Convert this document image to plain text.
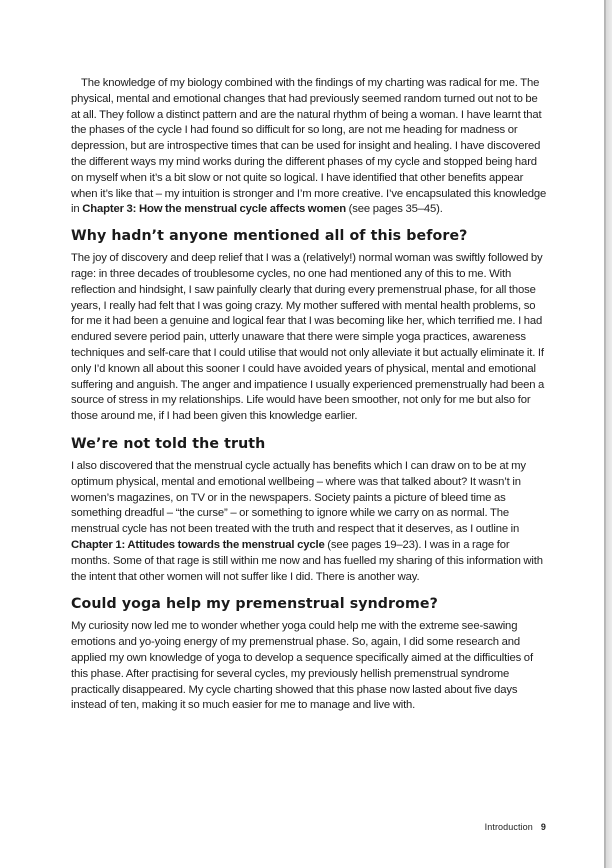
The knowledge of my biology combined with the findings of my charting was radical for me. The physical, mental and emotional changes that had previously seemed random turned out not to be at all. They follow a distinct pattern and are the natural rhythm of being a woman. I have learnt that the phases of the cycle I had found so difficult for so long, are not me heading for madness or depression, but are introspective times that can be used for insight and healing. I have discovered the different ways my mind works during the different phases of my cycle and stopped being hard on myself when it’s a bit slow or not quite so logical. I have identified that other benefits appear when it’s like that – my intuition is stronger and I’m more creative. I’ve encapsulated this knowledge in Chapter 3: How the menstrual cycle affects women (see pages 35–45).

Why hadn’t anyone mentioned all of this before?

The joy of discovery and deep relief that I was a (relatively!) normal woman was swiftly followed by rage: in three decades of troublesome cycles, no one had mentioned any of this to me. With reflection and hindsight, I saw painfully clearly that during every premenstrual phase, for all those years, I really had felt that I was going crazy. My mother suffered with mental health problems, so for me it had been a genuine and logical fear that I was becoming like her, which terrified me. I had endured severe period pain, utterly unaware that there were simple yoga practices, awareness techniques and self-care that I could utilise that would not only alleviate it but actually eliminate it. If only I’d known all about this sooner I could have avoided years of physical, mental and emotional suffering and anguish. The anger and impatience I usually experienced premenstrually had been a source of stress in my relationships. Life would have been smoother, not only for me but also for those around me, if I had been given this knowledge earlier.

We’re not told the truth

I also discovered that the menstrual cycle actually has benefits which I can draw on to be at my optimum physical, mental and emotional wellbeing – where was that talked about? It wasn’t in women’s magazines, on TV or in the newspapers. Society paints a picture of bleed time as something dreadful – “the curse” – or something to ignore while we carry on as normal. The menstrual cycle has not been treated with the truth and respect that it deserves, as I outline in Chapter 1: Attitudes towards the menstrual cycle (see pages 19–23). I was in a rage for months. Some of that rage is still within me now and has fuelled my sharing of this information with the intent that other women will not suffer like I did. There is another way.

Could yoga help my premenstrual syndrome?

My curiosity now led me to wonder whether yoga could help me with the extreme see-sawing emotions and yo-yoing energy of my premenstrual phase. So, again, I did some research and applied my own knowledge of yoga to develop a sequence specifically aimed at the difficulties of this phase. After practising for several cycles, my previously hellish premenstrual syndrome practically disappeared. My cycle charting showed that this phase now lasted about five days instead of ten, making it so much easier for me to manage and live with.

Introduction 9
